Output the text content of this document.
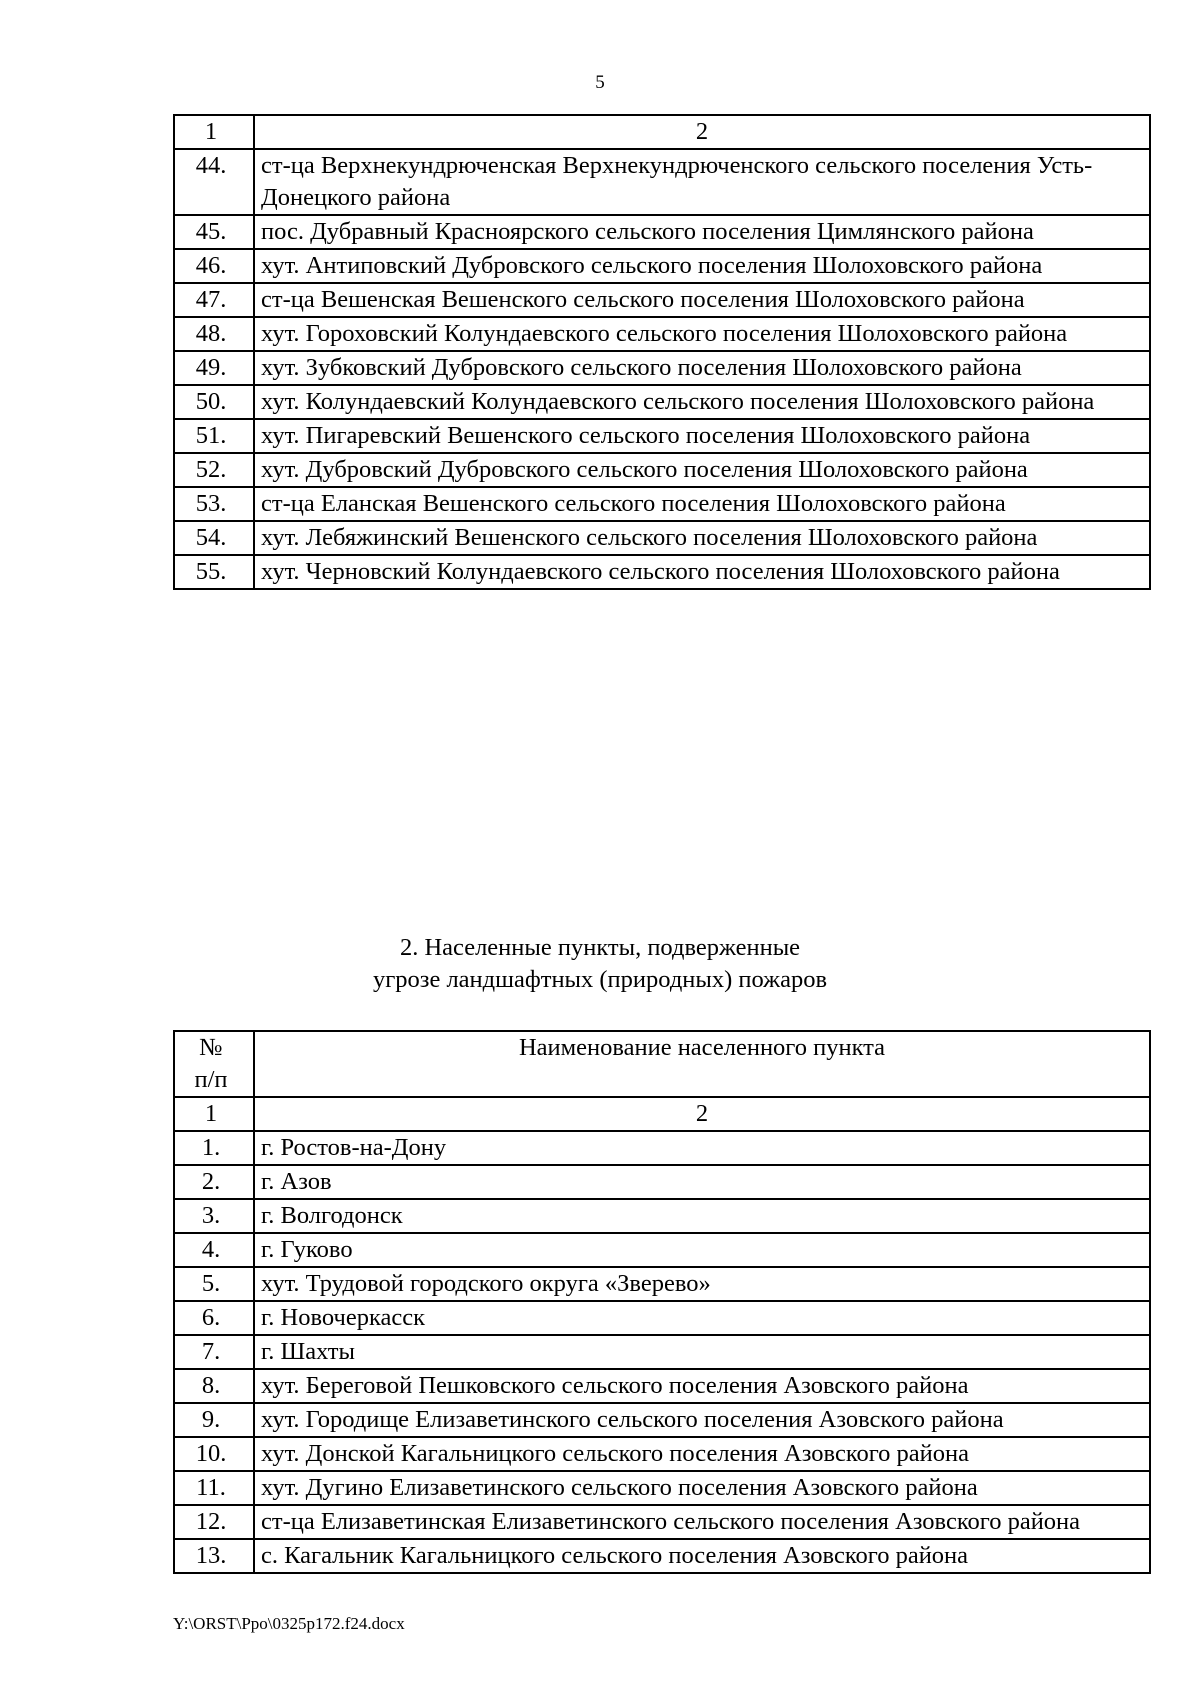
5
1	2
44.	ст-ца Верхнекундрюченская Верхнекундрюченского сельского поселения Усть-Донецкого района
45.	пос. Дубравный Красноярского сельского поселения Цимлянского района
46.	хут. Антиповский Дубровского сельского поселения Шолоховского района
47.	ст-ца Вешенская Вешенского сельского поселения Шолоховского района
48.	хут. Гороховский Колундаевского сельского поселения Шолоховского района
49.	хут. Зубковский Дубровского сельского поселения Шолоховского района
50.	хут. Колундаевский Колундаевского сельского поселения Шолоховского района
51.	хут. Пигаревский Вешенского сельского поселения Шолоховского района
52.	хут. Дубровский Дубровского сельского поселения Шолоховского района
53.	ст-ца Еланская Вешенского сельского поселения Шолоховского района
54.	хут. Лебяжинский Вешенского сельского поселения Шолоховского района
55.	хут. Черновский Колундаевского сельского поселения Шолоховского района
2. Населенные пункты, подверженные
угрозе ландшафтных (природных) пожаров
№
п/п	Наименование населенного пункта
1	2
1.	г. Ростов-на-Дону
2.	г. Азов
3.	г. Волгодонск
4.	г. Гуково
5.	хут. Трудовой городского округа «Зверево»
6.	г. Новочеркасск
7.	г. Шахты
8.	хут. Береговой Пешковского сельского поселения Азовского района
9.	хут. Городище Елизаветинского сельского поселения Азовского района
10.	хут. Донской Кагальницкого сельского поселения Азовского района
11.	хут. Дугино Елизаветинского сельского поселения Азовского района
12.	ст-ца Елизаветинская Елизаветинского сельского поселения Азовского района
13.	с. Кагальник Кагальницкого сельского поселения Азовского района
Y:\ORST\Ppo\0325p172.f24.docx
